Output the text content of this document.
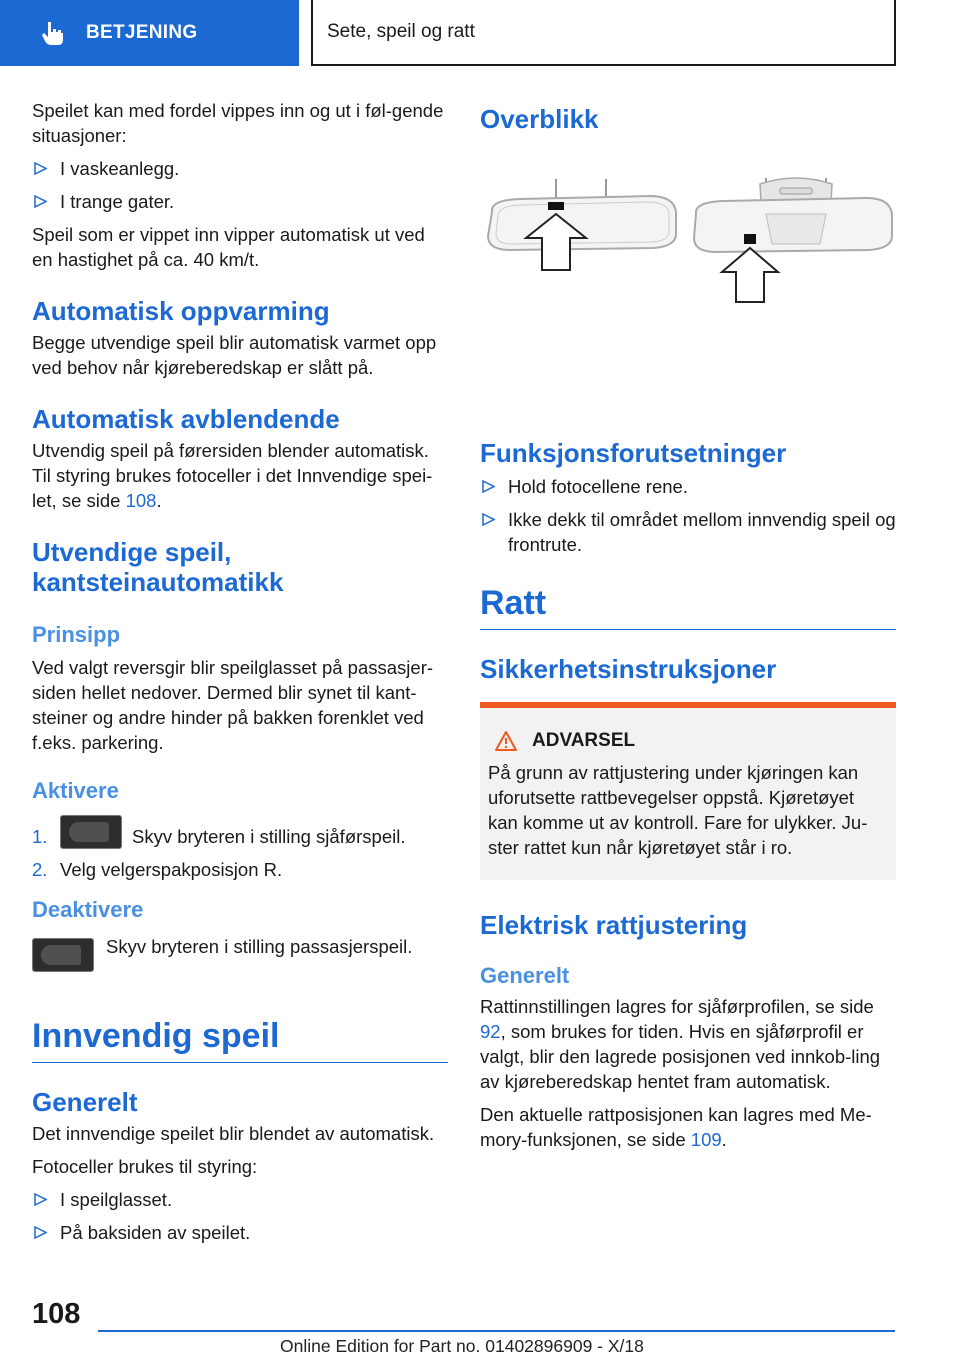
BETJENING	Sete, speil og ratt

Speilet kan med fordel vippes inn og ut i føl-gende situasjoner:

I vaskeanlegg.
I trange gater.

Speil som er vippet inn vipper automatisk ut ved en hastighet på ca. 40 km/t.

Automatisk oppvarming

Begge utvendige speil blir automatisk varmet opp ved behov når kjøreberedskap er slått på.

Automatisk avblendende

Utvendig speil på førersiden blender automatisk. Til styring brukes fotoceller i det Innvendige spei-let, se side 108.

Utvendige speil, kantsteinautomatikk
Prinsipp

Ved valgt reversgir blir speilglasset på passasjer-siden hellet nedover. Dermed blir synet til kant-steiner og andre hinder på bakken forenklet ved f.eks. parkering.

Aktivere
1.	Skyv bryteren i stilling sjåførspeil.
2. Velg velgerspakposisjon R.
Deaktivere
Skyv bryteren i stilling passasjerspeil.
Innvendig speil
Generelt

Det innvendige speilet blir blendet av automatisk.

Fotoceller brukes til styring:

I speilglasset.
På baksiden av speilet.
Overblikk
Funksjonsforutsetninger
Hold fotocellene rene.
Ikke dekk til området mellom innvendig speil og frontrute.
Ratt
Sikkerhetsinstruksjoner
ADVARSEL

På grunn av rattjustering under kjøringen kan uforutsette rattbevegelser oppstå. Kjøretøyet kan komme ut av kontroll. Fare for ulykker. Ju-ster rattet kun når kjøretøyet står i ro.

Elektrisk rattjustering
Generelt

Rattinnstillingen lagres for sjåførprofilen, se side 92, som brukes for tiden. Hvis en sjåførprofil er valgt, blir den lagrede posisjonen ved innkob-ling av kjøreberedskap hentet fram automatisk.

Den aktuelle rattposisjonen kan lagres med Me-mory-funksjonen, se side 109.

108
Online Edition for Part no. 01402896909 - X/18
